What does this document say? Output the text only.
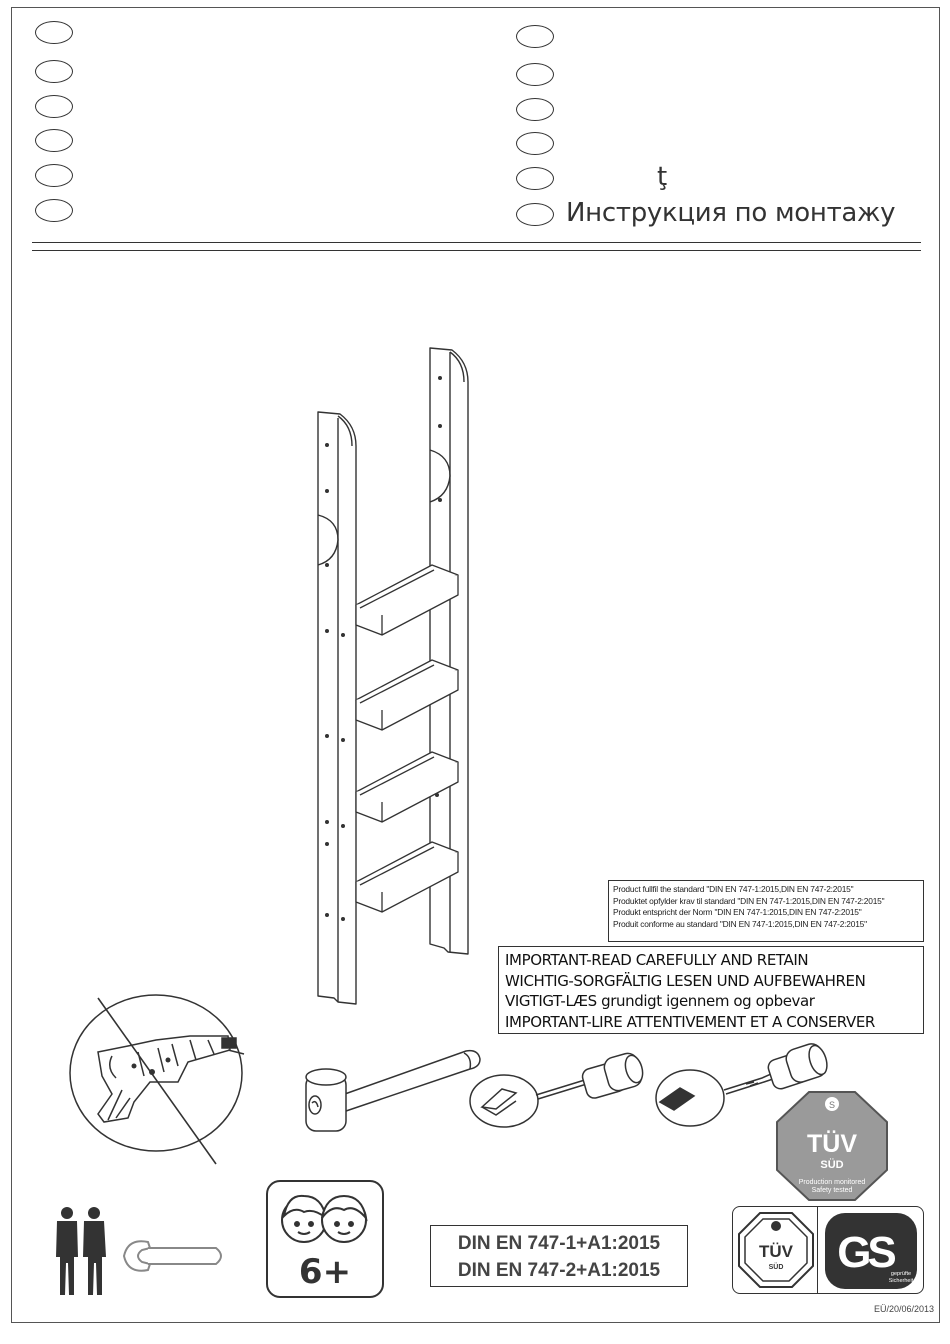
ţ
Инструкция по монтажу
Product fullfil the standard "DIN EN 747-1:2015,DIN EN 747-2:2015"
Produktet opfylder krav til standard "DIN EN 747-1:2015,DIN EN 747-2:2015"
Produkt entspricht der Norm "DIN EN 747-1:2015,DIN EN 747-2:2015"
Produit conforme au standard "DIN EN 747-1:2015,DIN EN 747-2:2015"
IMPORTANT-READ CAREFULLY AND RETAIN
WICHTIG-SORGFÄLTIG LESEN UND AUFBEWAHREN
VIGTIGT-LÆS grundigt igennem og opbevar
IMPORTANT-LIRE ATTENTIVEMENT ET A CONSERVER
S
TÜV
SÜD
Production monitored
Safety tested
6+
DIN EN 747-1+A1:2015
DIN EN 747-2+A1:2015
TÜV
SÜD GS
geprüfte
Sicherheit
EÜ/20/06/2013
